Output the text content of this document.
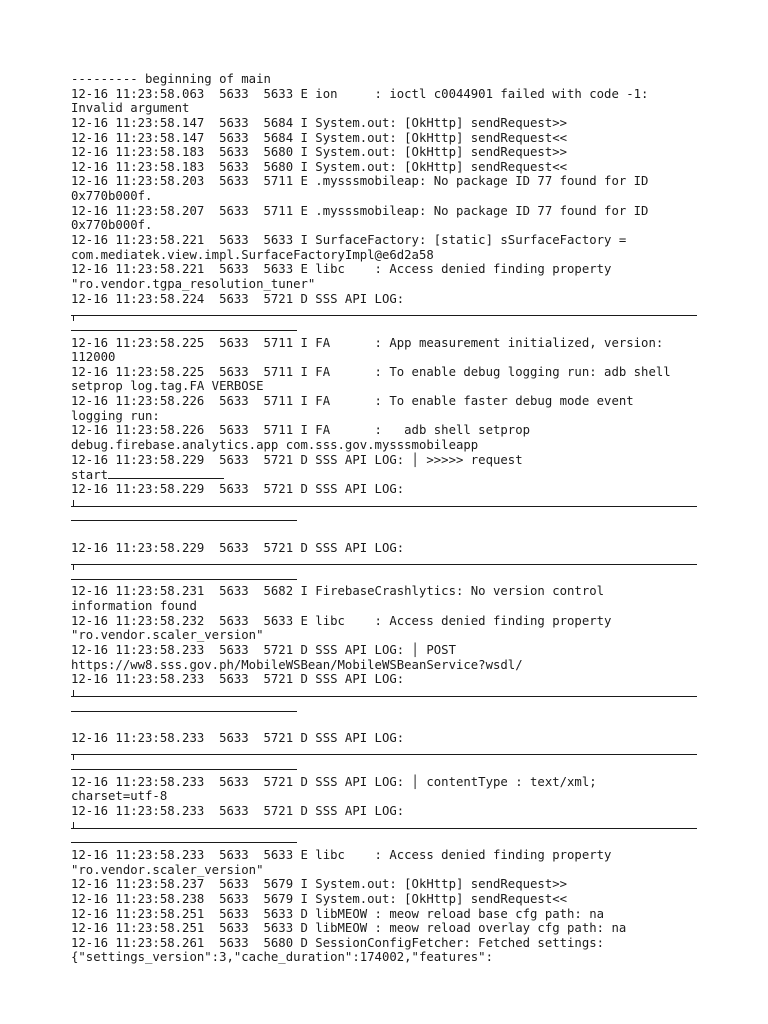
--------- beginning of main
12-16 11:23:58.063  5633  5633 E ion     : ioctl c0044901 failed with code -1:
Invalid argument
12-16 11:23:58.147  5633  5684 I System.out: [OkHttp] sendRequest>>
12-16 11:23:58.147  5633  5684 I System.out: [OkHttp] sendRequest<<
12-16 11:23:58.183  5633  5680 I System.out: [OkHttp] sendRequest>>
12-16 11:23:58.183  5633  5680 I System.out: [OkHttp] sendRequest<<
12-16 11:23:58.203  5633  5711 E .mysssmobileap: No package ID 77 found for ID
0x770b000f.
12-16 11:23:58.207  5633  5711 E .mysssmobileap: No package ID 77 found for ID
0x770b000f.
12-16 11:23:58.221  5633  5633 I SurfaceFactory: [static] sSurfaceFactory =
com.mediatek.view.impl.SurfaceFactoryImpl@e6d2a58
12-16 11:23:58.221  5633  5633 E libc    : Access denied finding property
"ro.vendor.tgpa_resolution_tuner"
12-16 11:23:58.224  5633  5721 D SSS API LOG:
12-16 11:23:58.225  5633  5711 I FA      : App measurement initialized, version:
112000
12-16 11:23:58.225  5633  5711 I FA      : To enable debug logging run: adb shell
setprop log.tag.FA VERBOSE
12-16 11:23:58.226  5633  5711 I FA      : To enable faster debug mode event
logging run:
12-16 11:23:58.226  5633  5711 I FA      :   adb shell setprop
debug.firebase.analytics.app com.sss.gov.mysssmobileapp
12-16 11:23:58.229  5633  5721 D SSS API LOG: │ >>>>> request
start
12-16 11:23:58.229  5633  5721 D SSS API LOG:
12-16 11:23:58.229  5633  5721 D SSS API LOG:
12-16 11:23:58.231  5633  5682 I FirebaseCrashlytics: No version control
information found
12-16 11:23:58.232  5633  5633 E libc    : Access denied finding property
"ro.vendor.scaler_version"
12-16 11:23:58.233  5633  5721 D SSS API LOG: │ POST
https://ww8.sss.gov.ph/MobileWSBean/MobileWSBeanService?wsdl/
12-16 11:23:58.233  5633  5721 D SSS API LOG:
12-16 11:23:58.233  5633  5721 D SSS API LOG:
12-16 11:23:58.233  5633  5721 D SSS API LOG: │ contentType : text/xml;
charset=utf-8
12-16 11:23:58.233  5633  5721 D SSS API LOG:
12-16 11:23:58.233  5633  5633 E libc    : Access denied finding property
"ro.vendor.scaler_version"
12-16 11:23:58.237  5633  5679 I System.out: [OkHttp] sendRequest>>
12-16 11:23:58.238  5633  5679 I System.out: [OkHttp] sendRequest<<
12-16 11:23:58.251  5633  5633 D libMEOW : meow reload base cfg path: na
12-16 11:23:58.251  5633  5633 D libMEOW : meow reload overlay cfg path: na
12-16 11:23:58.261  5633  5680 D SessionConfigFetcher: Fetched settings:
{"settings_version":3,"cache_duration":174002,"features":
